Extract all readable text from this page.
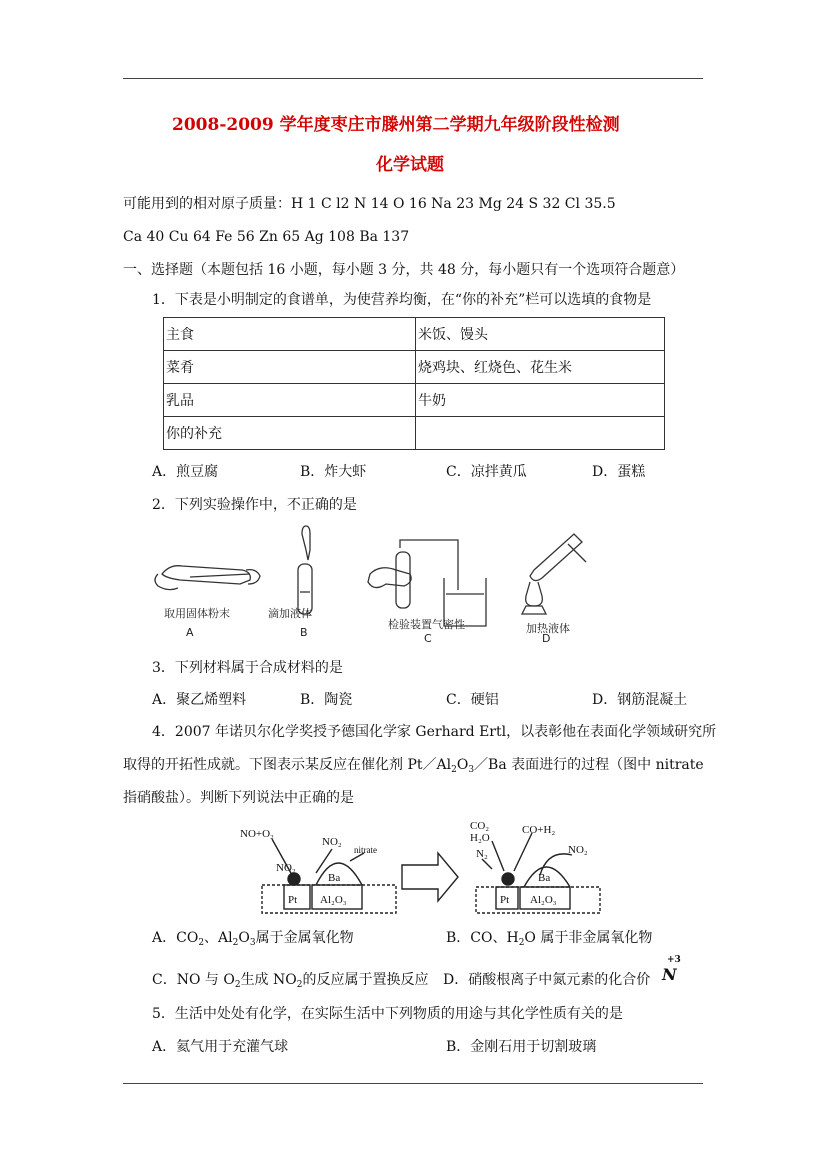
2008-2009 学年度枣庄市滕州第二学期九年级阶段性检测
化学试题
可能用到的相对原子质量：H 1 C l2 N 14 O 16 Na 23 Mg 24 S 32 Cl 35.5
Ca 40 Cu 64 Fe 56 Zn 65 Ag 108 Ba 137
一、选择题（本题包括 16 小题，每小题 3 分，共 48 分，每小题只有一个选项符合题意）
1．下表是小明制定的食谱单，为使营养均衡，在“你的补充”栏可以选填的食物是
主食	米饭、馒头
菜肴	烧鸡块、红烧色、花生米
乳品	牛奶
你的补充	
A．煎豆腐	B．炸大虾	C．凉拌黄瓜	D．蛋糕
2．下列实验操作中，不正确的是
取用固体粉末
A
滴加液体
B
检验装置气密性
C
加热液体
D
3．下列材料属于合成材料的是
A．聚乙烯塑料	B．陶瓷	C．硬铝	D．钢筋混凝土
4．2007 年诺贝尔化学奖授予德国化学家 Gerhard Ertl，以表彰他在表面化学领域研究所
取得的开拓性成就。下图表示某反应在催化剂 $Pt/Al_2O_3/Ba$ 表面进行的过程（图中 nitrate
指硝酸盐）。判断下列说法中正确的是
NO+O₂
NO₂
NO₂
nitrate
Ba
Pt Al₂O₃
CO₂
H₂O
N₂
CO+H₂
NO₂
Ba
Pt Al₂O₃
A．$CO_2$、$Al_2O_3$属于金属氧化物	B．CO、$H_2O$ 属于非金属氧化物
C．NO 与 $O_2$生成 $NO_2$的反应属于置换反应 D．硝酸根离子中氮元素的化合价
+3
N
5．生活中处处有化学，在实际生活中下列物质的用途与其化学性质有关的是
A．氦气用于充灌气球	B．金刚石用于切割玻璃
